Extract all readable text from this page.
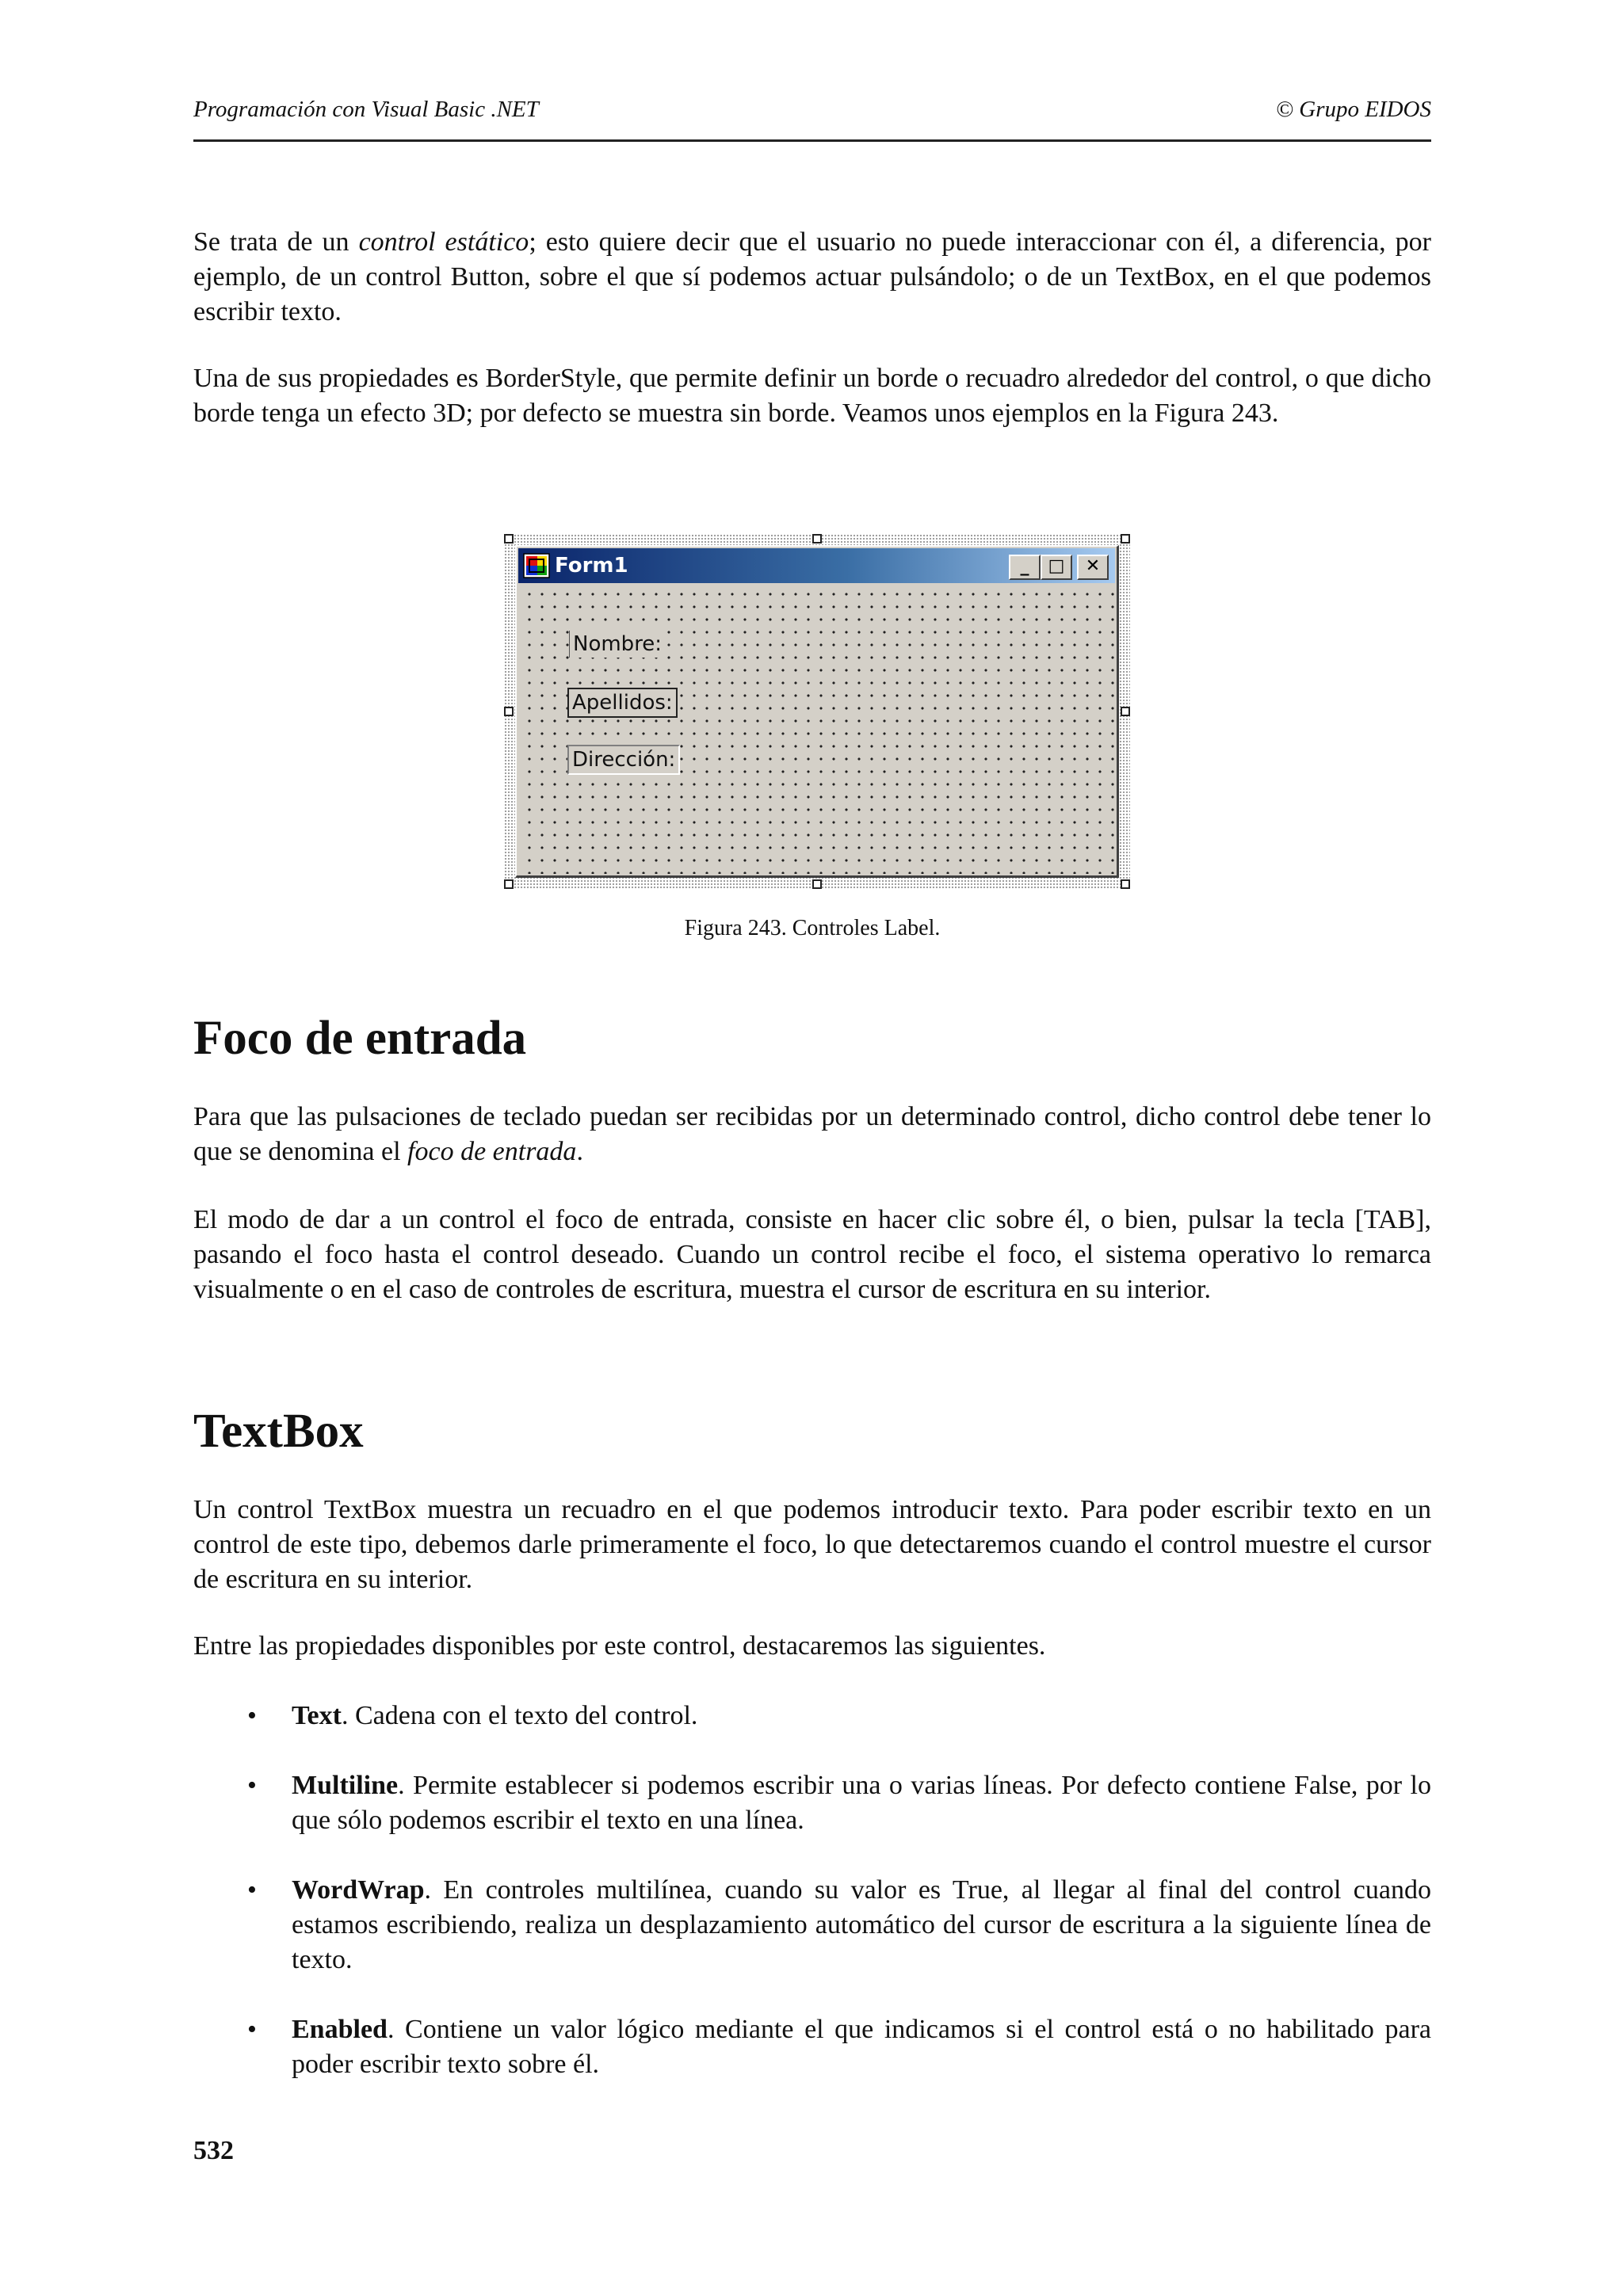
Programación con Visual Basic .NET	© Grupo EIDOS

Se trata de un control estático; esto quiere decir que el usuario no puede interaccionar con él, a diferencia, por ejemplo, de un control Button, sobre el que sí podemos actuar pulsándolo; o de un TextBox, en el que podemos escribir texto.

Una de sus propiedades es BorderStyle, que permite definir un borde o recuadro alrededor del control, o que dicho borde tenga un efecto 3D; por defecto se muestra sin borde. Veamos unos ejemplos en la Figura 243.

Form1	_	□	✕
Nombre:
Apellidos:
Dirección:
Figura 243. Controles Label.
Foco de entrada

Para que las pulsaciones de teclado puedan ser recibidas por un determinado control, dicho control debe tener lo que se denomina el foco de entrada.

El modo de dar a un control el foco de entrada, consiste en hacer clic sobre él, o bien, pulsar la tecla [TAB], pasando el foco hasta el control deseado. Cuando un control recibe el foco, el sistema operativo lo remarca visualmente o en el caso de controles de escritura, muestra el cursor de escritura en su interior.

TextBox

Un control TextBox muestra un recuadro en el que podemos introducir texto. Para poder escribir texto en un control de este tipo, debemos darle primeramente el foco, lo que detectaremos cuando el control muestre el cursor de escritura en su interior.

Entre las propiedades disponibles por este control, destacaremos las siguientes.

• Text. Cadena con el texto del control.
• Multiline. Permite establecer si podemos escribir una o varias líneas. Por defecto contiene False, por lo que sólo podemos escribir el texto en una línea.
• WordWrap. En controles multilínea, cuando su valor es True, al llegar al final del control cuando estamos escribiendo, realiza un desplazamiento automático del cursor de escritura a la siguiente línea de texto.
• Enabled. Contiene un valor lógico mediante el que indicamos si el control está o no habilitado para poder escribir texto sobre él.
532
